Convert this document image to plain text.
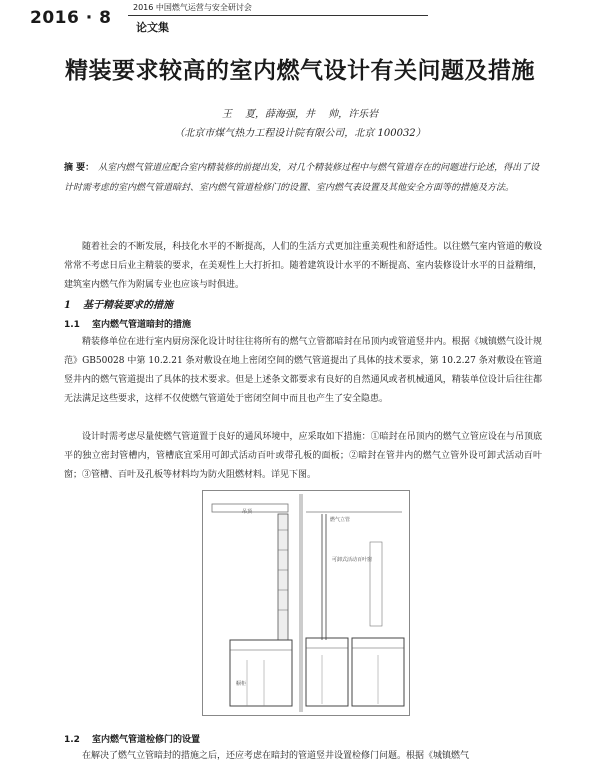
2016 · 8
2016 中国燃气运营与安全研讨会
论文集
精装要求较高的室内燃气设计有关问题及措施
王 夏，薛海强，井 帅，许乐岩
（北京市煤气热力工程设计院有限公司，北京 100032）
摘 要： 从室内燃气管道应配合室内精装修的前提出发，对几个精装修过程中与燃气管道存在的问题进行论述，得出了设计时需考虑的室内燃气管道暗封、室内燃气管道检修门的设置、室内燃气表设置及其他安全方面等的措施及方法。
随着社会的不断发展，科技化水平的不断提高，人们的生活方式更加注重美观性和舒适性。以往燃气室内管道的敷设常常不考虑日后业主精装的要求，在美观性上大打折扣。随着建筑设计水平的不断提高、室内装修设计水平的日益精细，建筑室内燃气作为附属专业也应该与时俱进。
1 基于精装要求的措施
1.1 室内燃气管道暗封的措施
精装修单位在进行室内厨房深化设计时往往将所有的燃气立管都暗封在吊顶内或管道竖井内。根据《城镇燃气设计规范》GB50028 中第 10.2.21 条对敷设在地上密闭空间的燃气管道提出了具体的技术要求，第 10.2.27 条对敷设在管道竖井内的燃气管道提出了具体的技术要求。但是上述条文都要求有良好的自然通风或者机械通风，精装单位设计后往往都无法满足这些要求，这样不仅使燃气管道处于密闭空间中而且也产生了安全隐患。
设计时需考虑尽量使燃气管道置于良好的通风环境中，应采取如下措施：①暗封在吊顶内的燃气立管应设在与吊顶底平的独立密封管槽内，管槽底宜采用可卸式活动百叶或带孔板的面板；②暗封在管井内的燃气立管外设可卸式活动百叶窗；③管槽、百叶及孔板等材料均为防火阻燃材料。详见下图。
吊顶
燃气立管
可卸式活动百叶窗
橱柜
1.2 室内燃气管道检修门的设置
在解决了燃气立管暗封的措施之后，还应考虑在暗封的管道竖井设置检修门问题。根据《城镇燃气
